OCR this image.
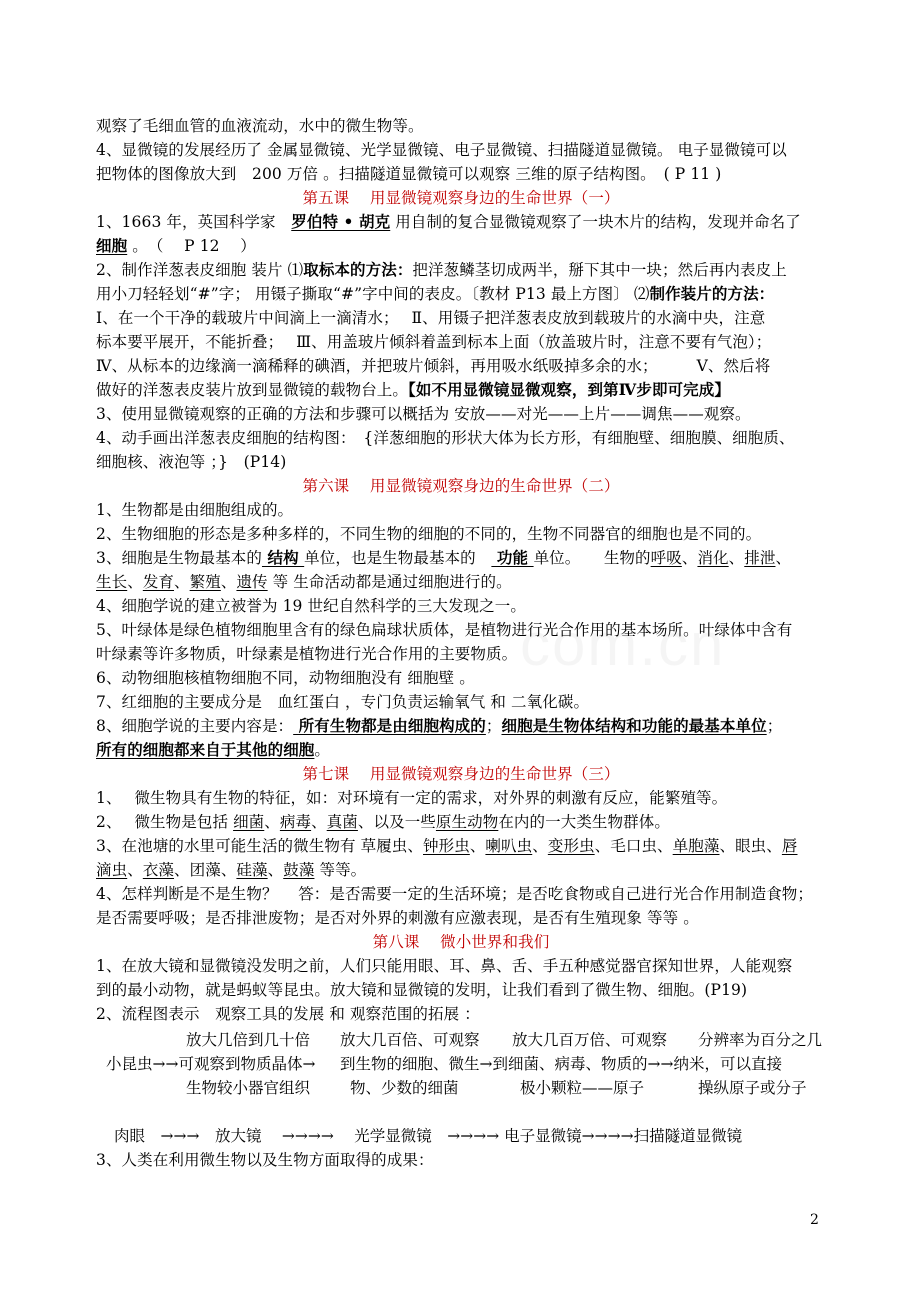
观察了毛细血管的血液流动，水中的微生物等。
4、显微镜的发展经历了 金属显微镜、光学显微镜、电子显微镜、扫描隧道显微镜。 电子显微镜可以
把物体的图像放大到　200 万倍 。扫描隧道显微镜可以观察 三维的原子结构图。　( P 11 )
第五课　 用显微镜观察身边的生命世界（一）
1、1663 年，英国科学家　罗伯特 • 胡克 用自制的复合显微镜观察了一块木片的结构，发现并命名了
细胞 。　（　 P 12　 ）
2、制作洋葱表皮细胞 装片 ⑴取标本的方法：把洋葱鳞茎切成两半，掰下其中一块；然后再内表皮上
用小刀轻轻划“#”字； 用镊子撕取“#”字中间的表皮。〔教材 P13 最上方图〕 ⑵制作装片的方法：
Ⅰ、在一个干净的载玻片中间滴上一滴清水；　 Ⅱ、用镊子把洋葱表皮放到载玻片的水滴中央，注意
标本要平展开，不能折叠；　 Ⅲ、用盖玻片倾斜着盖到标本上面（放盖玻片时，注意不要有气泡）；
Ⅳ、从标本的边缘滴一滴稀释的碘酒，并把玻片倾斜，再用吸水纸吸掉多余的水；　　　Ⅴ、然后将
做好的洋葱表皮装片放到显微镜的载物台上。【如不用显微镜显微观察，到第Ⅳ步即可完成】
3、使用显微镜观察的正确的方法和步骤可以概括为 安放——对光——上片——调焦——观察。
4、动手画出洋葱表皮细胞的结构图：　{洋葱细胞的形状大体为长方形，有细胞壁、细胞膜、细胞质、
细胞核、液泡等 ；}　(P14)
第六课　 用显微镜观察身边的生命世界（二）
1、生物都是由细胞组成的。
2、生物细胞的形态是多种多样的，不同生物的细胞的不同的，生物不同器官的细胞也是不同的。
3、细胞是生物最基本的 结构 单位，也是生物最基本的　 功能 单位。　　生物的呼吸、消化、排泄、
生长、发育、繁殖、遗传 等 生命活动都是通过细胞进行的。
4、细胞学说的建立被誉为 19 世纪自然科学的三大发现之一。
5、叶绿体是绿色植物细胞里含有的绿色扁球状质体，是植物进行光合作用的基本场所。叶绿体中含有
叶绿素等许多物质，叶绿素是植物进行光合作用的主要物质。
6、动物细胞核植物细胞不同，动物细胞没有 细胞壁 。
7、红细胞的主要成分是　血红蛋白 ，专门负责运输氧气 和 二氧化碳。
8、细胞学说的主要内容是： 所有生物都是由细胞构成的；细胞是生物体结构和功能的最基本单位；
所有的细胞都来自于其他的细胞。
第七课　 用显微镜观察身边的生命世界（三）
1、　 微生物具有生物的特征，如：对环境有一定的需求，对外界的刺激有反应，能繁殖等。
2、　 微生物是包括 细菌、病毒、真菌、以及一些原生动物在内的一大类生物群体。
3、在池塘的水里可能生活的微生物有 草履虫、钟形虫、喇叭虫、变形虫、毛口虫、单胞藻、眼虫、唇
滴虫、衣藻、团藻、硅藻、鼓藻 等等。
4、怎样判断是不是生物？　 答：是否需要一定的生活环境；是否吃食物或自己进行光合作用制造食物；
是否需要呼吸；是否排泄废物；是否对外界的刺激有应激表现，是否有生殖现象 等等 。
第八课　 微小世界和我们
1、在放大镜和显微镜没发明之前，人们只能用眼、耳、鼻、舌、手五种感觉器官探知世界，人能观察
到的最小动物，就是蚂蚁等昆虫。放大镜和显微镜的发明，让我们看到了微生物、细胞。(P19)
2、流程图表示　观察工具的发展 和 观察范围的拓展 ：
放大几倍到几十倍 放大几百倍、可观察 放大几百万倍、可观察 分辨率为百分之几
小昆虫→→可观察到物质晶体→ 到生物的细胞、微生→到细菌、病毒、物质的→→纳米，可以直接
生物较小器官组织	物、少数的细菌	极小颗粒——原子	操纵原子或分子
肉眼　→→→　放大镜　 →→→→　 光学显微镜　→→→→ 电子显微镜→→→→扫描隧道显微镜
3、人类在利用微生物以及生物方面取得的成果：
2
